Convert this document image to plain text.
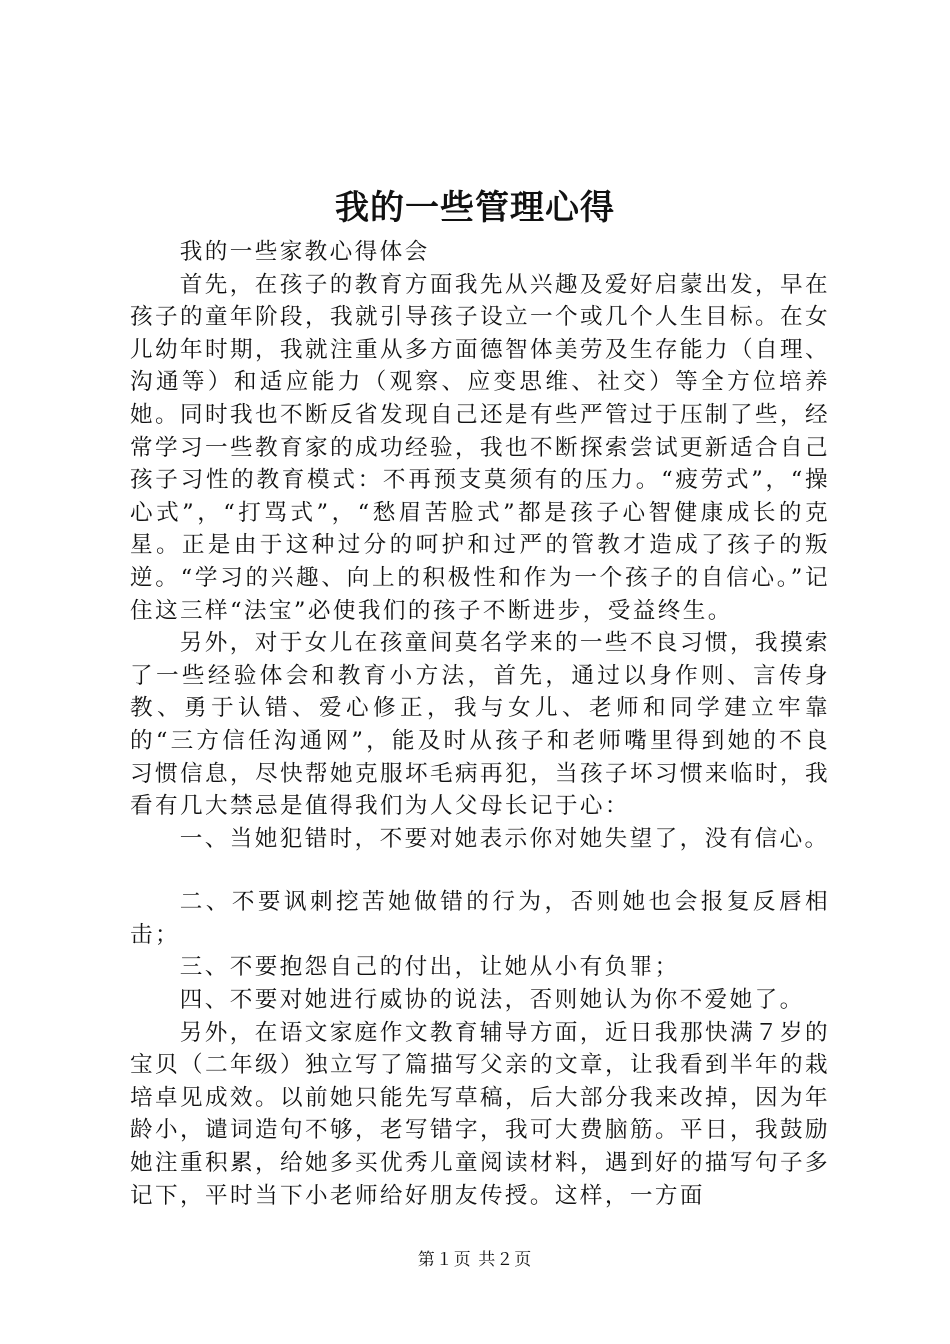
我的一些管理心得

我的一些家教心得体会

首先，在孩子的教育方面我先从兴趣及爱好启蒙出发，早在孩子的童年阶段，我就引导孩子设立一个或几个人生目标。在女儿幼年时期，我就注重从多方面德智体美劳及生存能力（自理、沟通等）和适应能力（观察、应变思维、社交）等全方位培养她。同时我也不断反省发现自己还是有些严管过于压制了些，经常学习一些教育家的成功经验，我也不断探索尝试更新适合自己孩子习性的教育模式：不再预支莫须有的压力。“疲劳式”，“操心式”，“打骂式”，“愁眉苦脸式”都是孩子心智健康成长的克星。正是由于这种过分的呵护和过严的管教才造成了孩子的叛逆。“学习的兴趣、向上的积极性和作为一个孩子的自信心。”记住这三样“法宝”必使我们的孩子不断进步，受益终生。

另外，对于女儿在孩童间莫名学来的一些不良习惯，我摸索了一些经验体会和教育小方法，首先，通过以身作则、言传身教、勇于认错、爱心修正，我与女儿、老师和同学建立牢靠的“三方信任沟通网”，能及时从孩子和老师嘴里得到她的不良习惯信息，尽快帮她克服坏毛病再犯，当孩子坏习惯来临时，我看有几大禁忌是值得我们为人父母长记于心：

一、当她犯错时，不要对她表示你对她失望了，没有信心。

二、不要讽刺挖苦她做错的行为，否则她也会报复反唇相击；

三、不要抱怨自己的付出，让她从小有负罪；

四、不要对她进行威协的说法，否则她认为你不爱她了。

另外，在语文家庭作文教育辅导方面，近日我那快满７岁的宝贝（二年级）独立写了篇描写父亲的文章，让我看到半年的栽培卓见成效。以前她只能先写草稿，后大部分我来改掉，因为年龄小，谴词造句不够，老写错字，我可大费脑筋。平日，我鼓励她注重积累，给她多买优秀儿童阅读材料，遇到好的描写句子多记下，平时当下小老师给好朋友传授。这样，一方面

第１页 共２页
